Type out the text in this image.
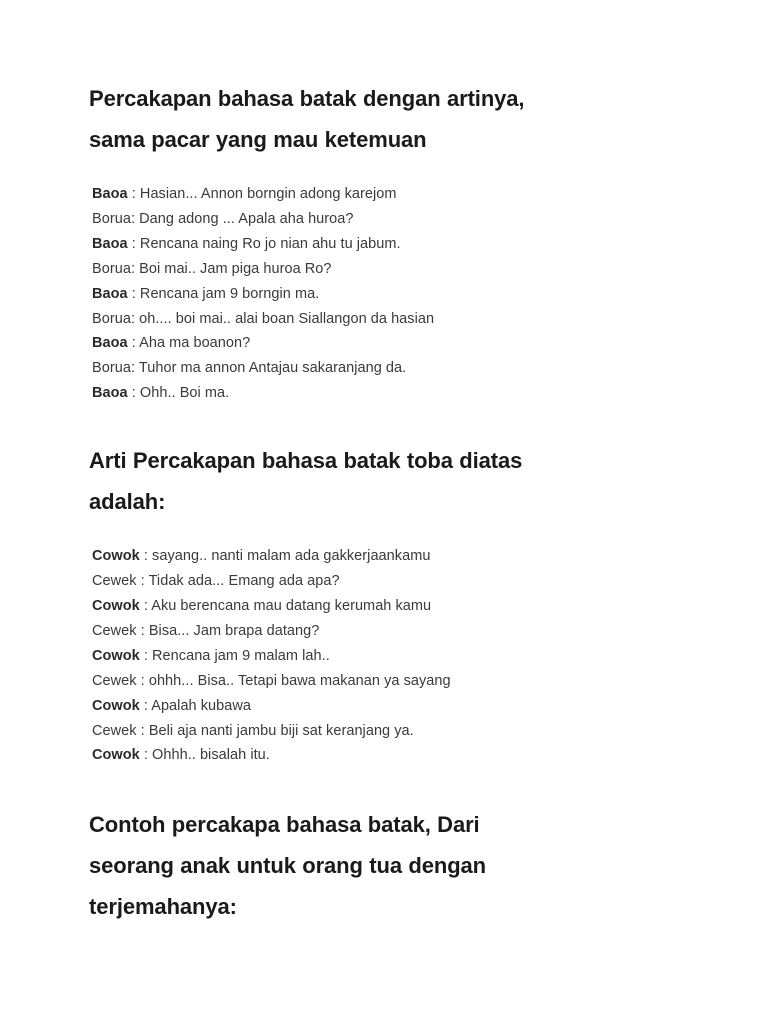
Percakapan bahasa batak dengan artinya,
sama pacar yang mau ketemuan
Baoa : Hasian... Annon borngin adong karejom
Borua: Dang adong ... Apala aha huroa?
Baoa : Rencana naing Ro jo nian ahu tu jabum.
Borua: Boi mai.. Jam piga huroa Ro?
Baoa : Rencana jam 9 borngin ma.
Borua: oh.... boi mai.. alai boan Siallangon da hasian
Baoa : Aha ma boanon?
Borua: Tuhor ma annon Antajau sakaranjang da.
Baoa : Ohh.. Boi ma.
Arti Percakapan bahasa batak toba diatas
adalah:
Cowok : sayang.. nanti malam ada gakkerjaankamu
Cewek : Tidak ada... Emang ada apa?
Cowok : Aku berencana mau datang kerumah kamu
Cewek : Bisa... Jam brapa datang?
Cowok : Rencana jam 9 malam lah..
Cewek : ohhh... Bisa.. Tetapi bawa makanan ya sayang
Cowok : Apalah kubawa
Cewek : Beli aja nanti jambu biji sat keranjang ya.
Cowok : Ohhh.. bisalah itu.
Contoh percakapa bahasa batak, Dari
seorang anak untuk orang tua dengan
terjemahanya:
